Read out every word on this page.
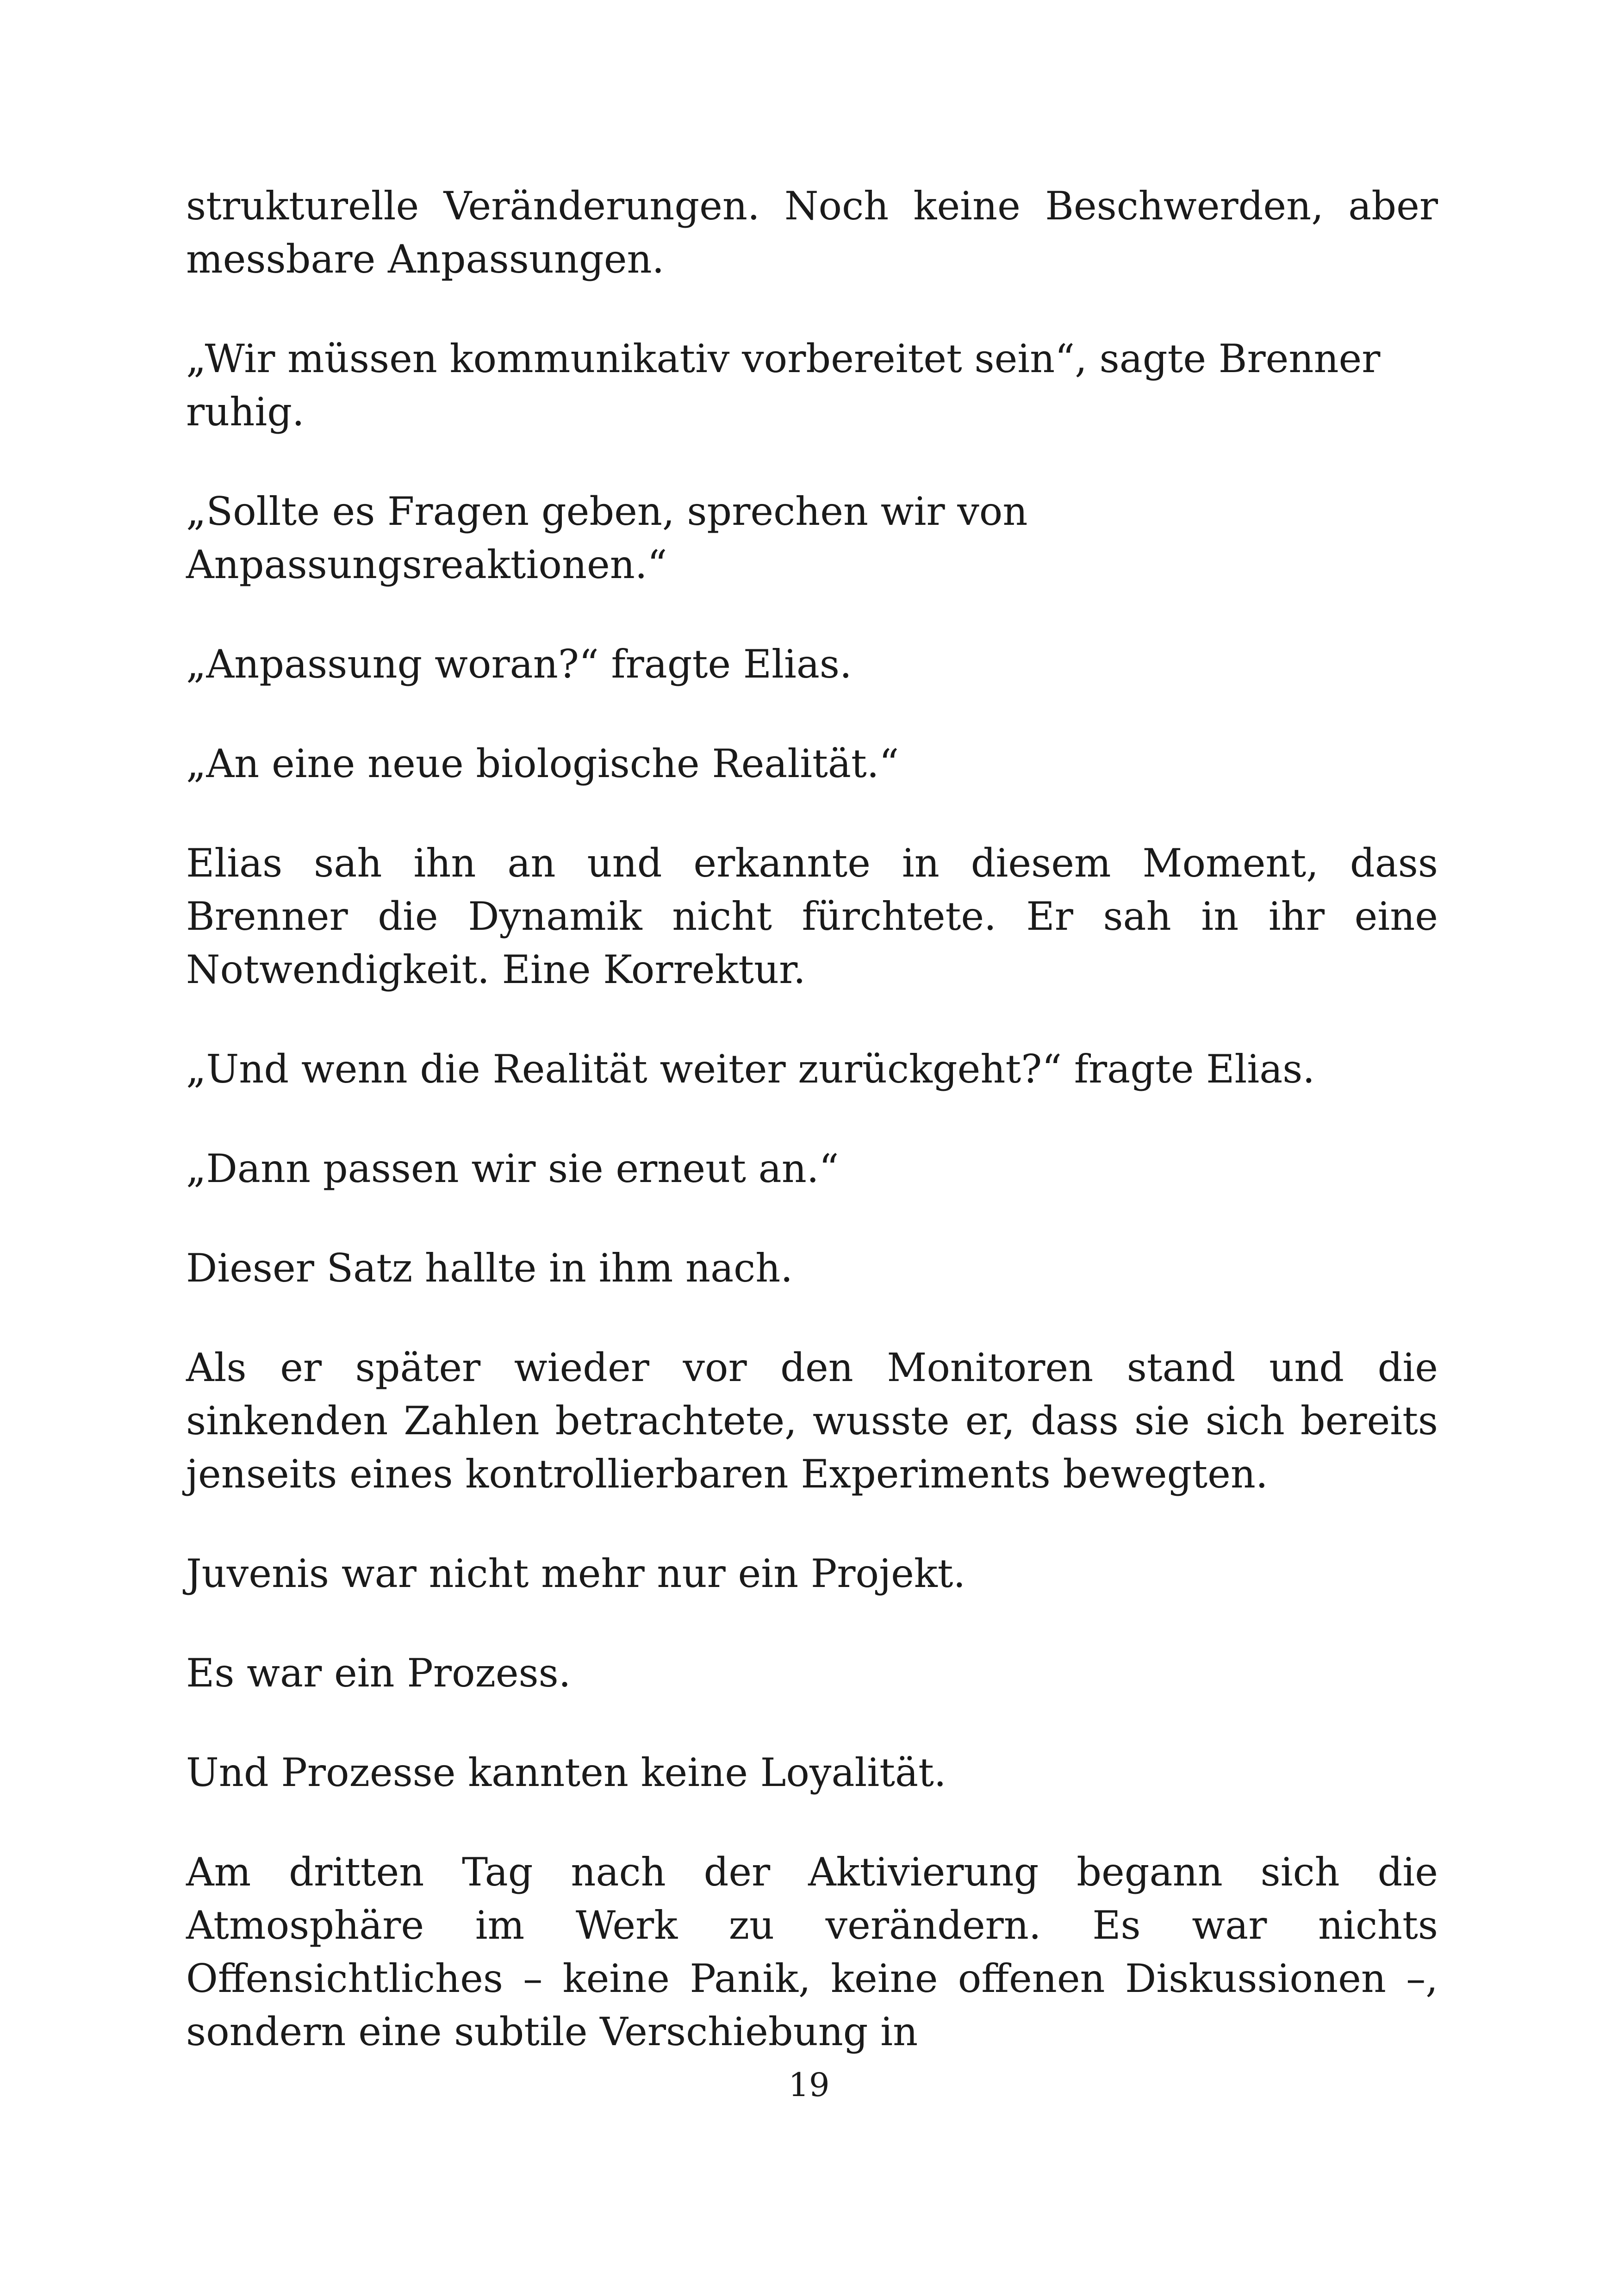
strukturelle Veränderungen. Noch keine Beschwerden, aber messbare Anpassungen.

„Wir müssen kommunikativ vorbereitet sein“, sagte Brenner ruhig.

„Sollte es Fragen geben, sprechen wir von Anpassungsreaktionen.“

„Anpassung woran?“ fragte Elias.

„An eine neue biologische Realität.“

Elias sah ihn an und erkannte in diesem Moment, dass Brenner die Dynamik nicht fürchtete. Er sah in ihr eine Notwendigkeit. Eine Korrektur.

„Und wenn die Realität weiter zurückgeht?“ fragte Elias.

„Dann passen wir sie erneut an.“

Dieser Satz hallte in ihm nach.

Als er später wieder vor den Monitoren stand und die sinkenden Zahlen betrachtete, wusste er, dass sie sich bereits jenseits eines kontrollierbaren Experiments bewegten.

Juvenis war nicht mehr nur ein Projekt.

Es war ein Prozess.

Und Prozesse kannten keine Loyalität.

Am dritten Tag nach der Aktivierung begann sich die Atmosphäre im Werk zu verändern. Es war nichts Offensichtliches – keine Panik, keine offenen Diskussionen –, sondern eine subtile Verschiebung in

19
